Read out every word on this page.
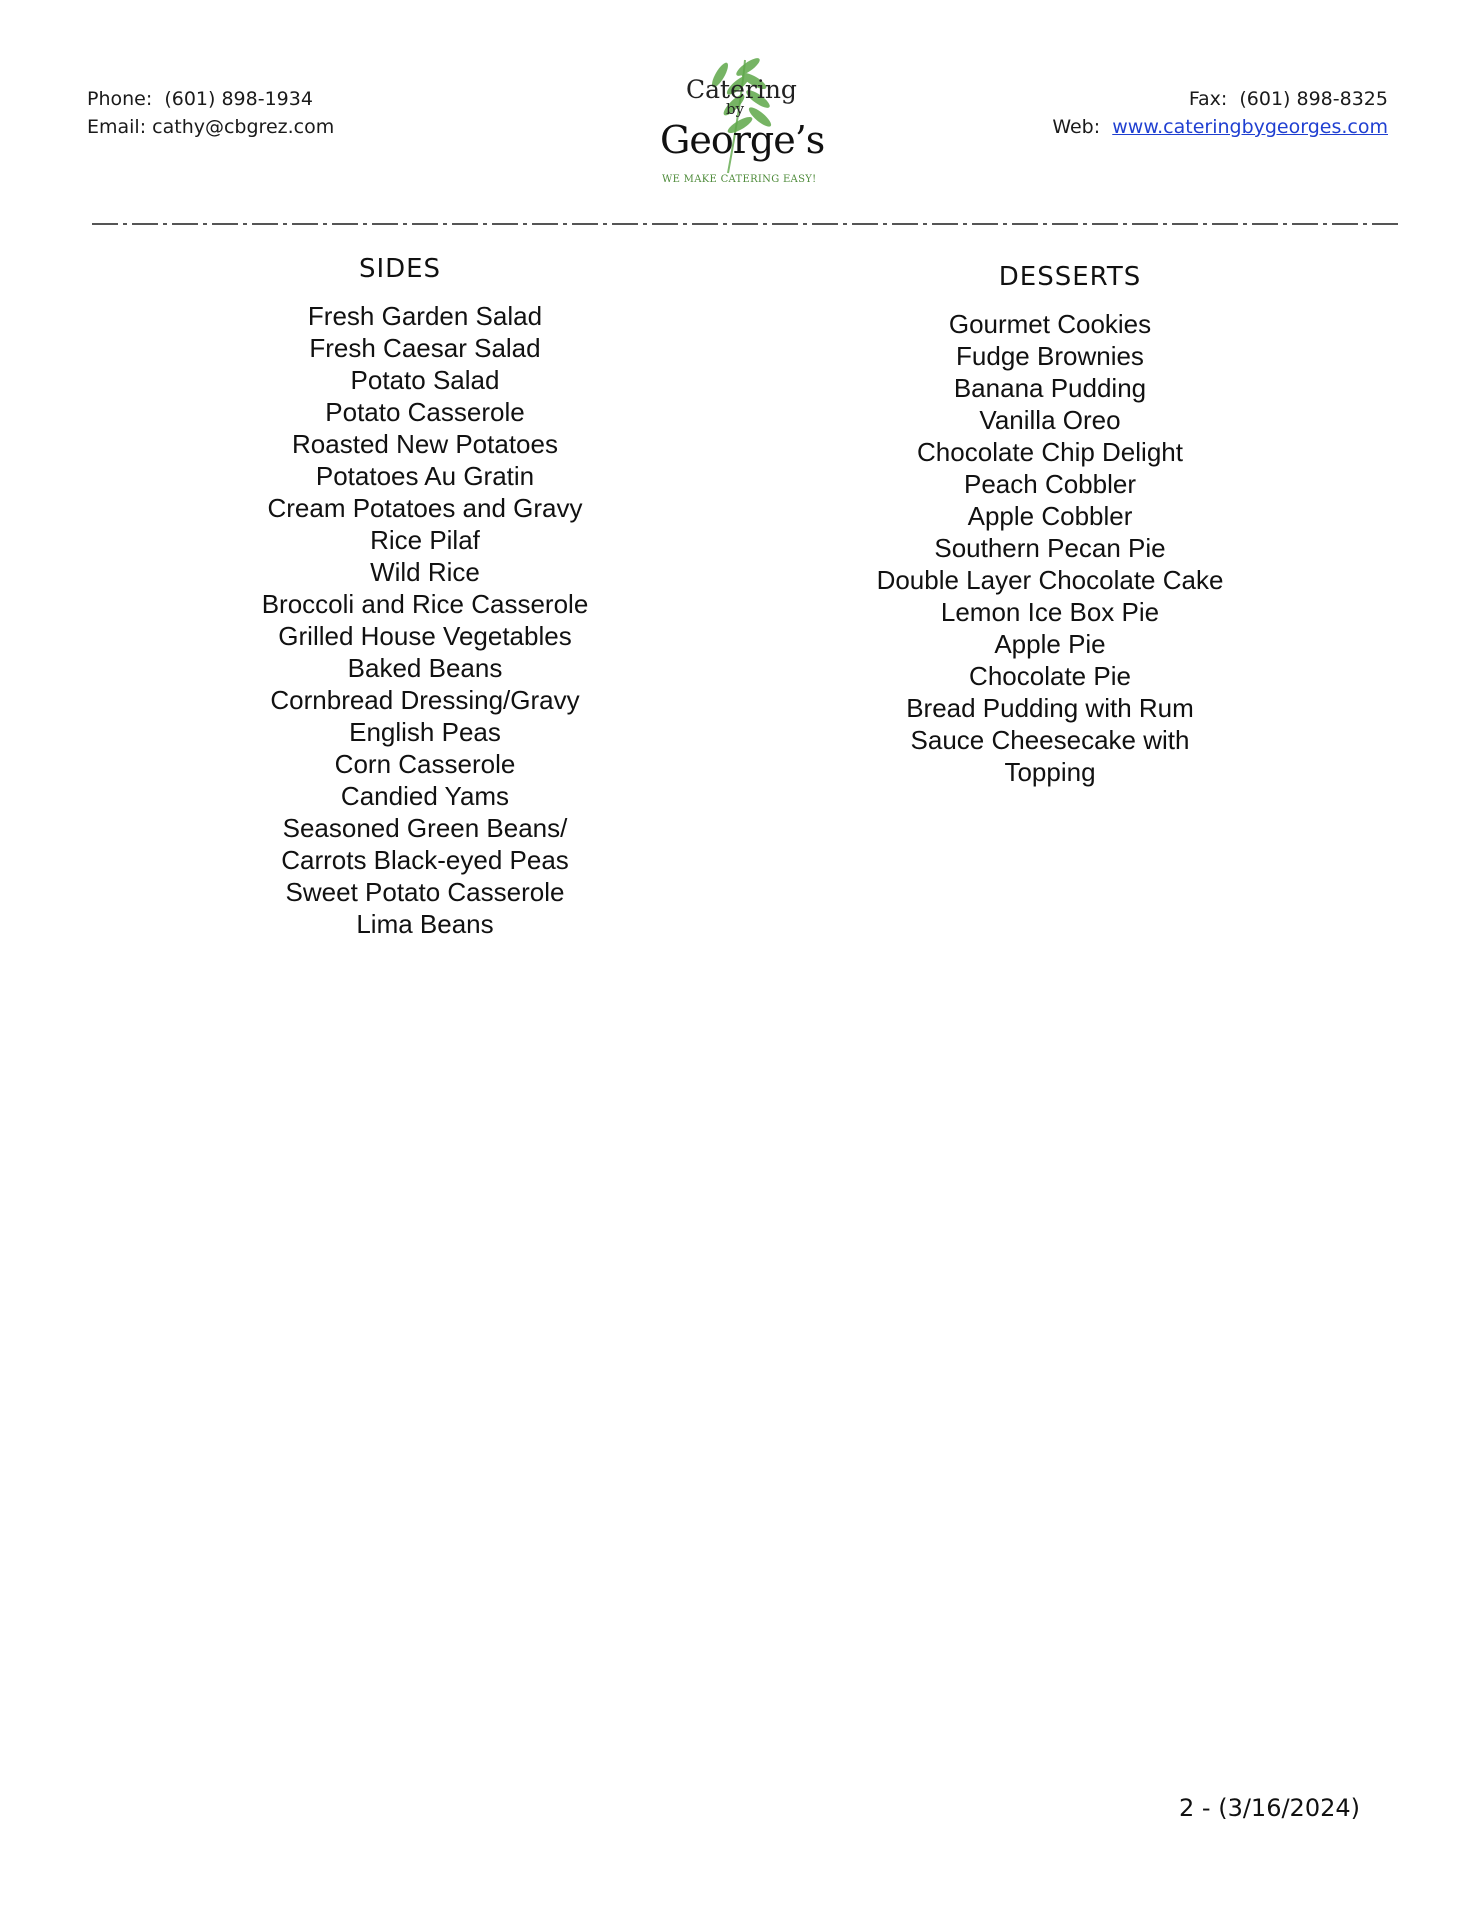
Phone:  (601) 898-1934
Email: cathy@cbgrez.com
Catering
by
George’s
WE MAKE CATERING EASY!
Fax:  (601) 898-8325
Web: www.cateringbygeorges.com
SIDES
Fresh Garden Salad
Fresh Caesar Salad
Potato Salad
Potato Casserole
Roasted New Potatoes
Potatoes Au Gratin
Cream Potatoes and Gravy
Rice Pilaf
Wild Rice
Broccoli and Rice Casserole
Grilled House Vegetables
Baked Beans
Cornbread Dressing/Gravy
English Peas
Corn Casserole
Candied Yams
Seasoned Green Beans/
Carrots Black-eyed Peas
Sweet Potato Casserole
Lima Beans
DESSERTS
Gourmet Cookies
Fudge Brownies
Banana Pudding
Vanilla Oreo
Chocolate Chip Delight
Peach Cobbler
Apple Cobbler
Southern Pecan Pie
Double Layer Chocolate Cake
Lemon Ice Box Pie
Apple Pie
Chocolate Pie
Bread Pudding with Rum
Sauce Cheesecake with
Topping
2 - (3/16/2024)
